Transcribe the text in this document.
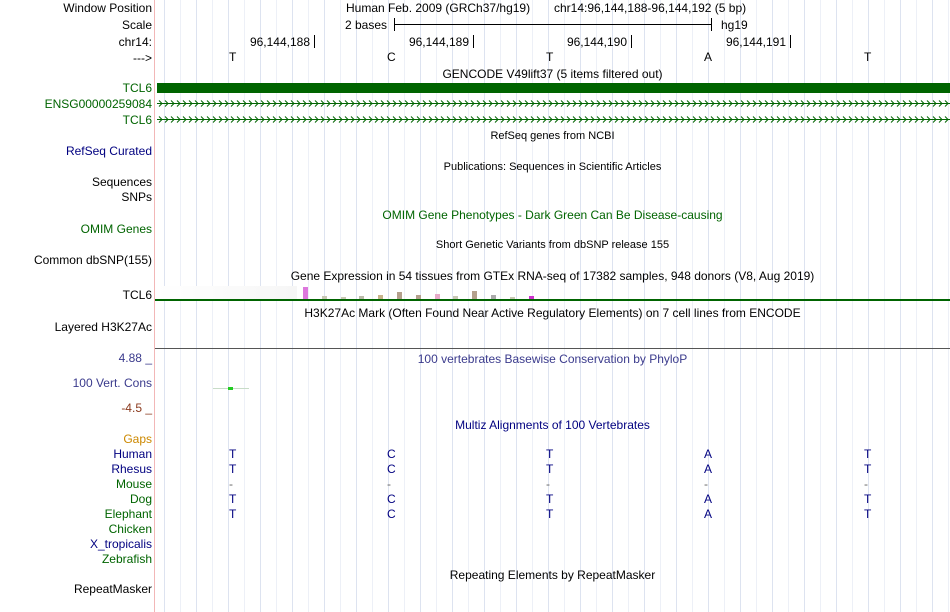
Window Position
Scale
chr14:
--->
Human Feb. 2009 (GRCh37/hg19) chr14:96,144,188-96,144,192 (5 bp)
2 bases	hg19
96,144,188	96,144,189	96,144,190	96,144,191
T	C	T	A	T
GENCODE V49lift37 (5 items filtered out)
TCL6
ENSG00000259084
TCL6
RefSeq genes from NCBI
RefSeq Curated
Publications: Sequences in Scientific Articles
Sequences
SNPs
OMIM Gene Phenotypes - Dark Green Can Be Disease-causing
OMIM Genes
Short Genetic Variants from dbSNP release 155
Common dbSNP(155)
Gene Expression in 54 tissues from GTEx RNA-seq of 17382 samples, 948 donors (V8, Aug 2019)
TCL6
H3K27Ac Mark (Often Found Near Active Regulatory Elements) on 7 cell lines from ENCODE
Layered H3K27Ac
100 vertebrates Basewise Conservation by PhyloP
4.88 _
100 Vert. Cons
-4.5 _
Multiz Alignments of 100 Vertebrates
Gaps
Human	T	C	T	A	T
Rhesus	T	C	T	A	T
Mouse	-	-	-	-	-
Dog	T	C	T	A	T
Elephant	T	C	T	A	T
Chicken
X_tropicalis
Zebrafish
Repeating Elements by RepeatMasker
RepeatMasker
